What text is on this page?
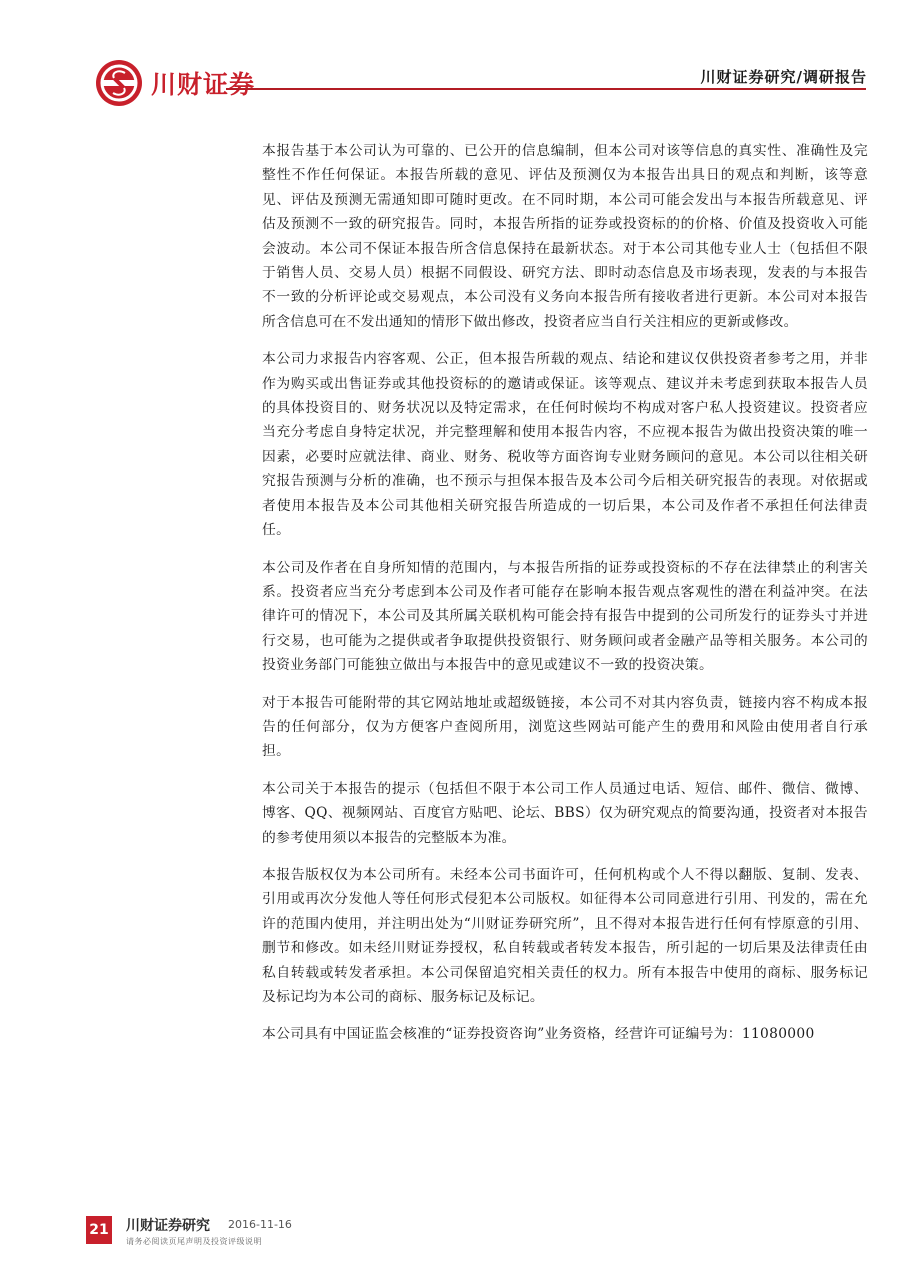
川财证券	川财证券研究/调研报告

本报告基于本公司认为可靠的、已公开的信息编制，但本公司对该等信息的真实性、准确性及完整性不作任何保证。本报告所载的意见、评估及预测仅为本报告出具日的观点和判断，该等意见、评估及预测无需通知即可随时更改。在不同时期，本公司可能会发出与本报告所载意见、评估及预测不一致的研究报告。同时，本报告所指的证券或投资标的的价格、价值及投资收入可能会波动。本公司不保证本报告所含信息保持在最新状态。对于本公司其他专业人士（包括但不限于销售人员、交易人员）根据不同假设、研究方法、即时动态信息及市场表现，发表的与本报告不一致的分析评论或交易观点，本公司没有义务向本报告所有接收者进行更新。本公司对本报告所含信息可在不发出通知的情形下做出修改，投资者应当自行关注相应的更新或修改。

本公司力求报告内容客观、公正，但本报告所载的观点、结论和建议仅供投资者参考之用，并非作为购买或出售证券或其他投资标的的邀请或保证。该等观点、建议并未考虑到获取本报告人员的具体投资目的、财务状况以及特定需求，在任何时候均不构成对客户私人投资建议。投资者应当充分考虑自身特定状况，并完整理解和使用本报告内容，不应视本报告为做出投资决策的唯一因素，必要时应就法律、商业、财务、税收等方面咨询专业财务顾问的意见。本公司以往相关研究报告预测与分析的准确，也不预示与担保本报告及本公司今后相关研究报告的表现。对依据或者使用本报告及本公司其他相关研究报告所造成的一切后果，本公司及作者不承担任何法律责任。

本公司及作者在自身所知情的范围内，与本报告所指的证券或投资标的不存在法律禁止的利害关系。投资者应当充分考虑到本公司及作者可能存在影响本报告观点客观性的潜在利益冲突。在法律许可的情况下，本公司及其所属关联机构可能会持有报告中提到的公司所发行的证券头寸并进行交易，也可能为之提供或者争取提供投资银行、财务顾问或者金融产品等相关服务。本公司的投资业务部门可能独立做出与本报告中的意见或建议不一致的投资决策。

对于本报告可能附带的其它网站地址或超级链接，本公司不对其内容负责，链接内容不构成本报告的任何部分，仅为方便客户查阅所用，浏览这些网站可能产生的费用和风险由使用者自行承担。

本公司关于本报告的提示（包括但不限于本公司工作人员通过电话、短信、邮件、微信、微博、博客、QQ、视频网站、百度官方贴吧、论坛、BBS）仅为研究观点的简要沟通，投资者对本报告的参考使用须以本报告的完整版本为准。

本报告版权仅为本公司所有。未经本公司书面许可，任何机构或个人不得以翻版、复制、发表、引用或再次分发他人等任何形式侵犯本公司版权。如征得本公司同意进行引用、刊发的，需在允许的范围内使用，并注明出处为“川财证券研究所”，且不得对本报告进行任何有悖原意的引用、删节和修改。如未经川财证券授权，私自转载或者转发本报告，所引起的一切后果及法律责任由私自转载或转发者承担。本公司保留追究相关责任的权力。所有本报告中使用的商标、服务标记及标记均为本公司的商标、服务标记及标记。

本公司具有中国证监会核准的“证券投资咨询”业务资格，经营许可证编号为：11080000

21 川财证券研究 2016-11-16
请务必阅读页尾声明及投资评级说明
